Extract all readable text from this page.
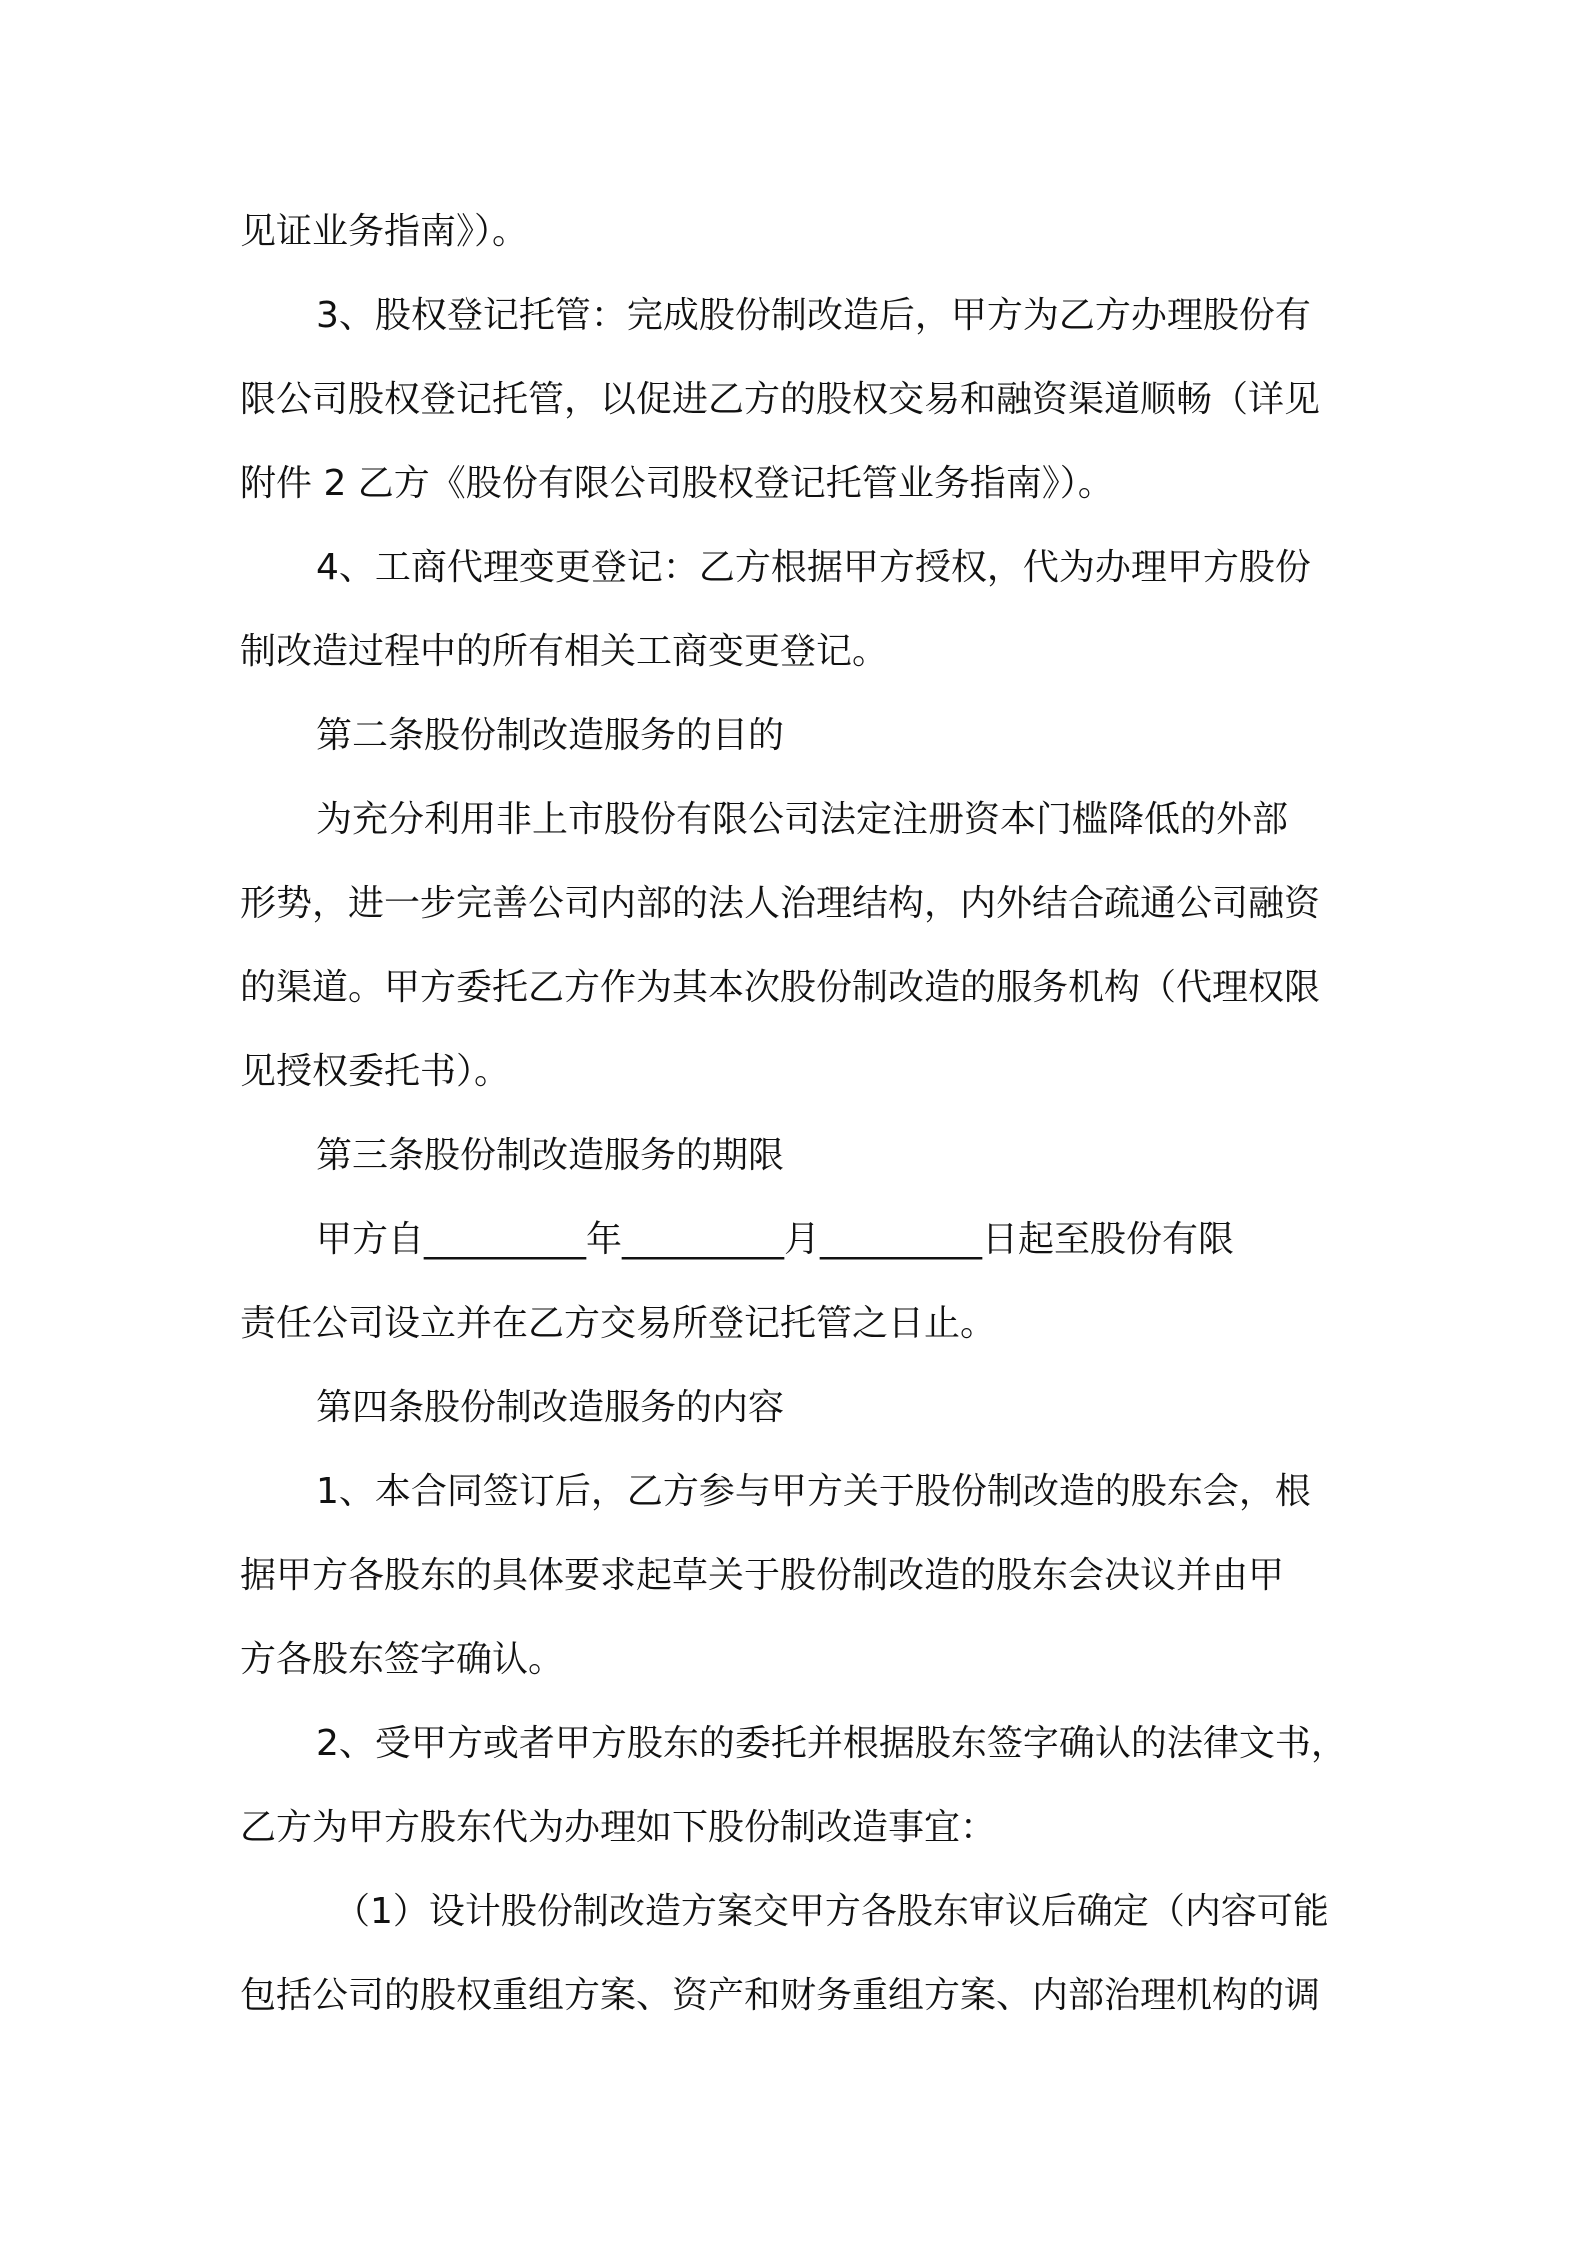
见证业务指南》）。

3、股权登记托管：完成股份制改造后，甲方为乙方办理股份有

限公司股权登记托管，以促进乙方的股权交易和融资渠道顺畅（详见

附件 2 乙方《股份有限公司股权登记托管业务指南》）。

4、工商代理变更登记：乙方根据甲方授权，代为办理甲方股份

制改造过程中的所有相关工商变更登记。

第二条股份制改造服务的目的

为充分利用非上市股份有限公司法定注册资本门槛降低的外部

形势，进一步完善公司内部的法人治理结构，内外结合疏通公司融资

的渠道。甲方委托乙方作为其本次股份制改造的服务机构（代理权限

见授权委托书）。

第三条股份制改造服务的期限

甲方自_________年_________月_________日起至股份有限

责任公司设立并在乙方交易所登记托管之日止。

第四条股份制改造服务的内容

1、本合同签订后，乙方参与甲方关于股份制改造的股东会，根

据甲方各股东的具体要求起草关于股份制改造的股东会决议并由甲

方各股东签字确认。

2、受甲方或者甲方股东的委托并根据股东签字确认的法律文书，

乙方为甲方股东代为办理如下股份制改造事宜：

（1）设计股份制改造方案交甲方各股东审议后确定（内容可能

包括公司的股权重组方案、资产和财务重组方案、内部治理机构的调
